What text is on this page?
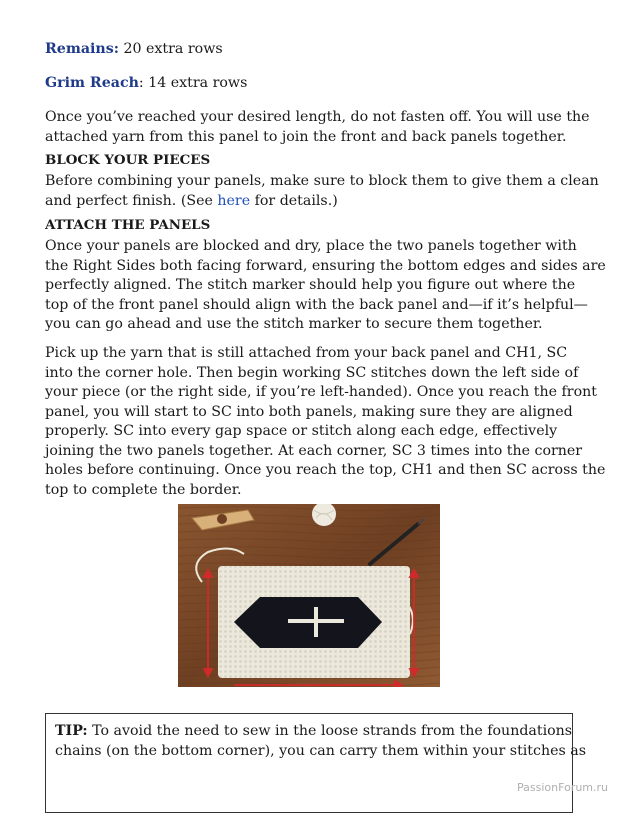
Remains: 20 extra rows
Grim Reach: 14 extra rows
Once you’ve reached your desired length, do not fasten off. You will use the
attached yarn from this panel to join the front and back panels together.
BLOCK YOUR PIECES
Before combining your panels, make sure to block them to give them a clean
and perfect finish. (See here for details.)
ATTACH THE PANELS
Once your panels are blocked and dry, place the two panels together with
the Right Sides both facing forward, ensuring the bottom edges and sides are
perfectly aligned. The stitch marker should help you figure out where the
top of the front panel should align with the back panel and—if it’s helpful—
you can go ahead and use the stitch marker to secure them together.
Pick up the yarn that is still attached from your back panel and CH1, SC
into the corner hole. Then begin working SC stitches down the left side of
your piece (or the right side, if you’re left-handed). Once you reach the front
panel, you will start to SC into both panels, making sure they are aligned
properly. SC into every gap space or stitch along each edge, effectively
joining the two panels together. At each corner, SC 3 times into the corner
holes before continuing. Once you reach the top, CH1 and then SC across the
top to complete the border.
TIP: To avoid the need to sew in the loose strands from the foundations
chains (on the bottom corner), you can carry them within your stitches as
PassionForum.ru
